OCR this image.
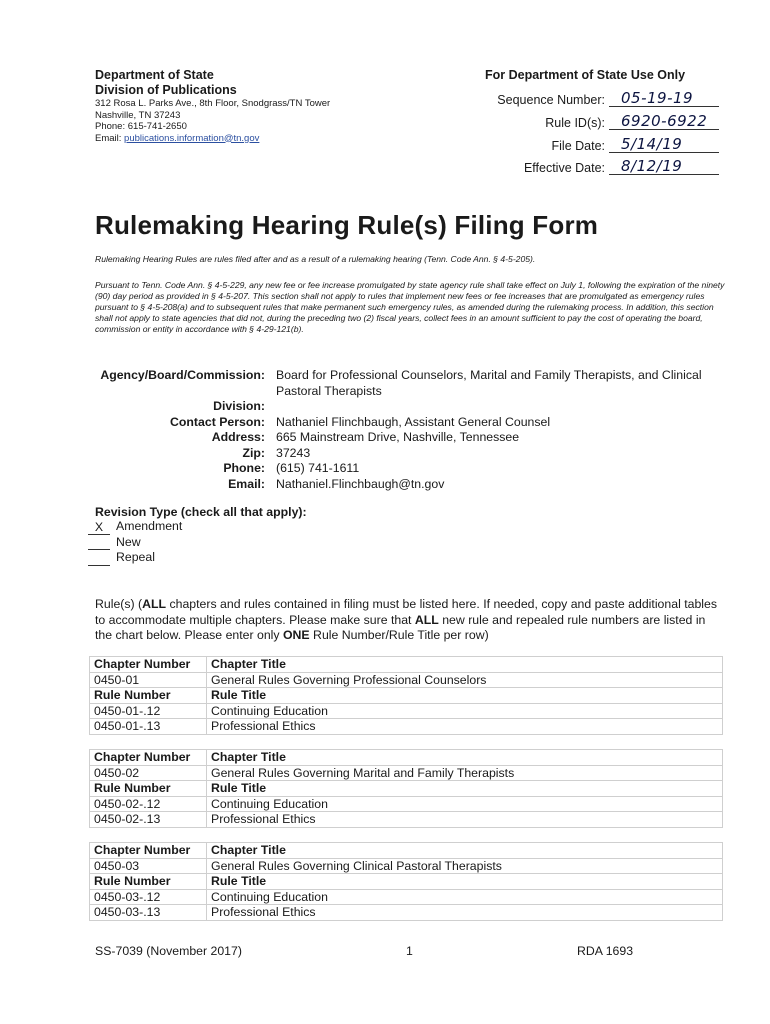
Department of State
Division of Publications
312 Rosa L. Parks Ave., 8th Floor, Snodgrass/TN Tower
Nashville, TN 37243
Phone: 615-741-2650
Email: publications.information@tn.gov
For Department of State Use Only
Sequence Number: 05-19-19
Rule ID(s): 6920-6922
File Date: 5/14/19
Effective Date: 8/12/19
Rulemaking Hearing Rule(s) Filing Form
Rulemaking Hearing Rules are rules filed after and as a result of a rulemaking hearing (Tenn. Code Ann. § 4-5-205).
Pursuant to Tenn. Code Ann. § 4-5-229, any new fee or fee increase promulgated by state agency rule shall take effect on July 1, following the expiration of the ninety (90) day period as provided in § 4-5-207. This section shall not apply to rules that implement new fees or fee increases that are promulgated as emergency rules pursuant to § 4-5-208(a) and to subsequent rules that make permanent such emergency rules, as amended during the rulemaking process. In addition, this section shall not apply to state agencies that did not, during the preceding two (2) fiscal years, collect fees in an amount sufficient to pay the cost of operating the board, commission or entity in accordance with § 4-29-121(b).
Agency/Board/Commission: Board for Professional Counselors, Marital and Family Therapists, and Clinical Pastoral Therapists
Division:
Contact Person: Nathaniel Flinchbaugh, Assistant General Counsel
Address: 665 Mainstream Drive, Nashville, Tennessee
Zip: 37243
Phone: (615) 741-1611
Email: Nathaniel.Flinchbaugh@tn.gov
Revision Type (check all that apply):
X	Amendment
New
Repeal
Rule(s) (ALL chapters and rules contained in filing must be listed here. If needed, copy and paste additional tables to accommodate multiple chapters. Please make sure that ALL new rule and repealed rule numbers are listed in the chart below. Please enter only ONE Rule Number/Rule Title per row)
Chapter Number	Chapter Title
0450-01	General Rules Governing Professional Counselors
Rule Number	Rule Title
0450-01-.12	Continuing Education
0450-01-.13	Professional Ethics
Chapter Number	Chapter Title
0450-02	General Rules Governing Marital and Family Therapists
Rule Number	Rule Title
0450-02-.12	Continuing Education
0450-02-.13	Professional Ethics
Chapter Number	Chapter Title
0450-03	General Rules Governing Clinical Pastoral Therapists
Rule Number	Rule Title
0450-03-.12	Continuing Education
0450-03-.13	Professional Ethics
SS-7039 (November 2017)	1	RDA 1693
